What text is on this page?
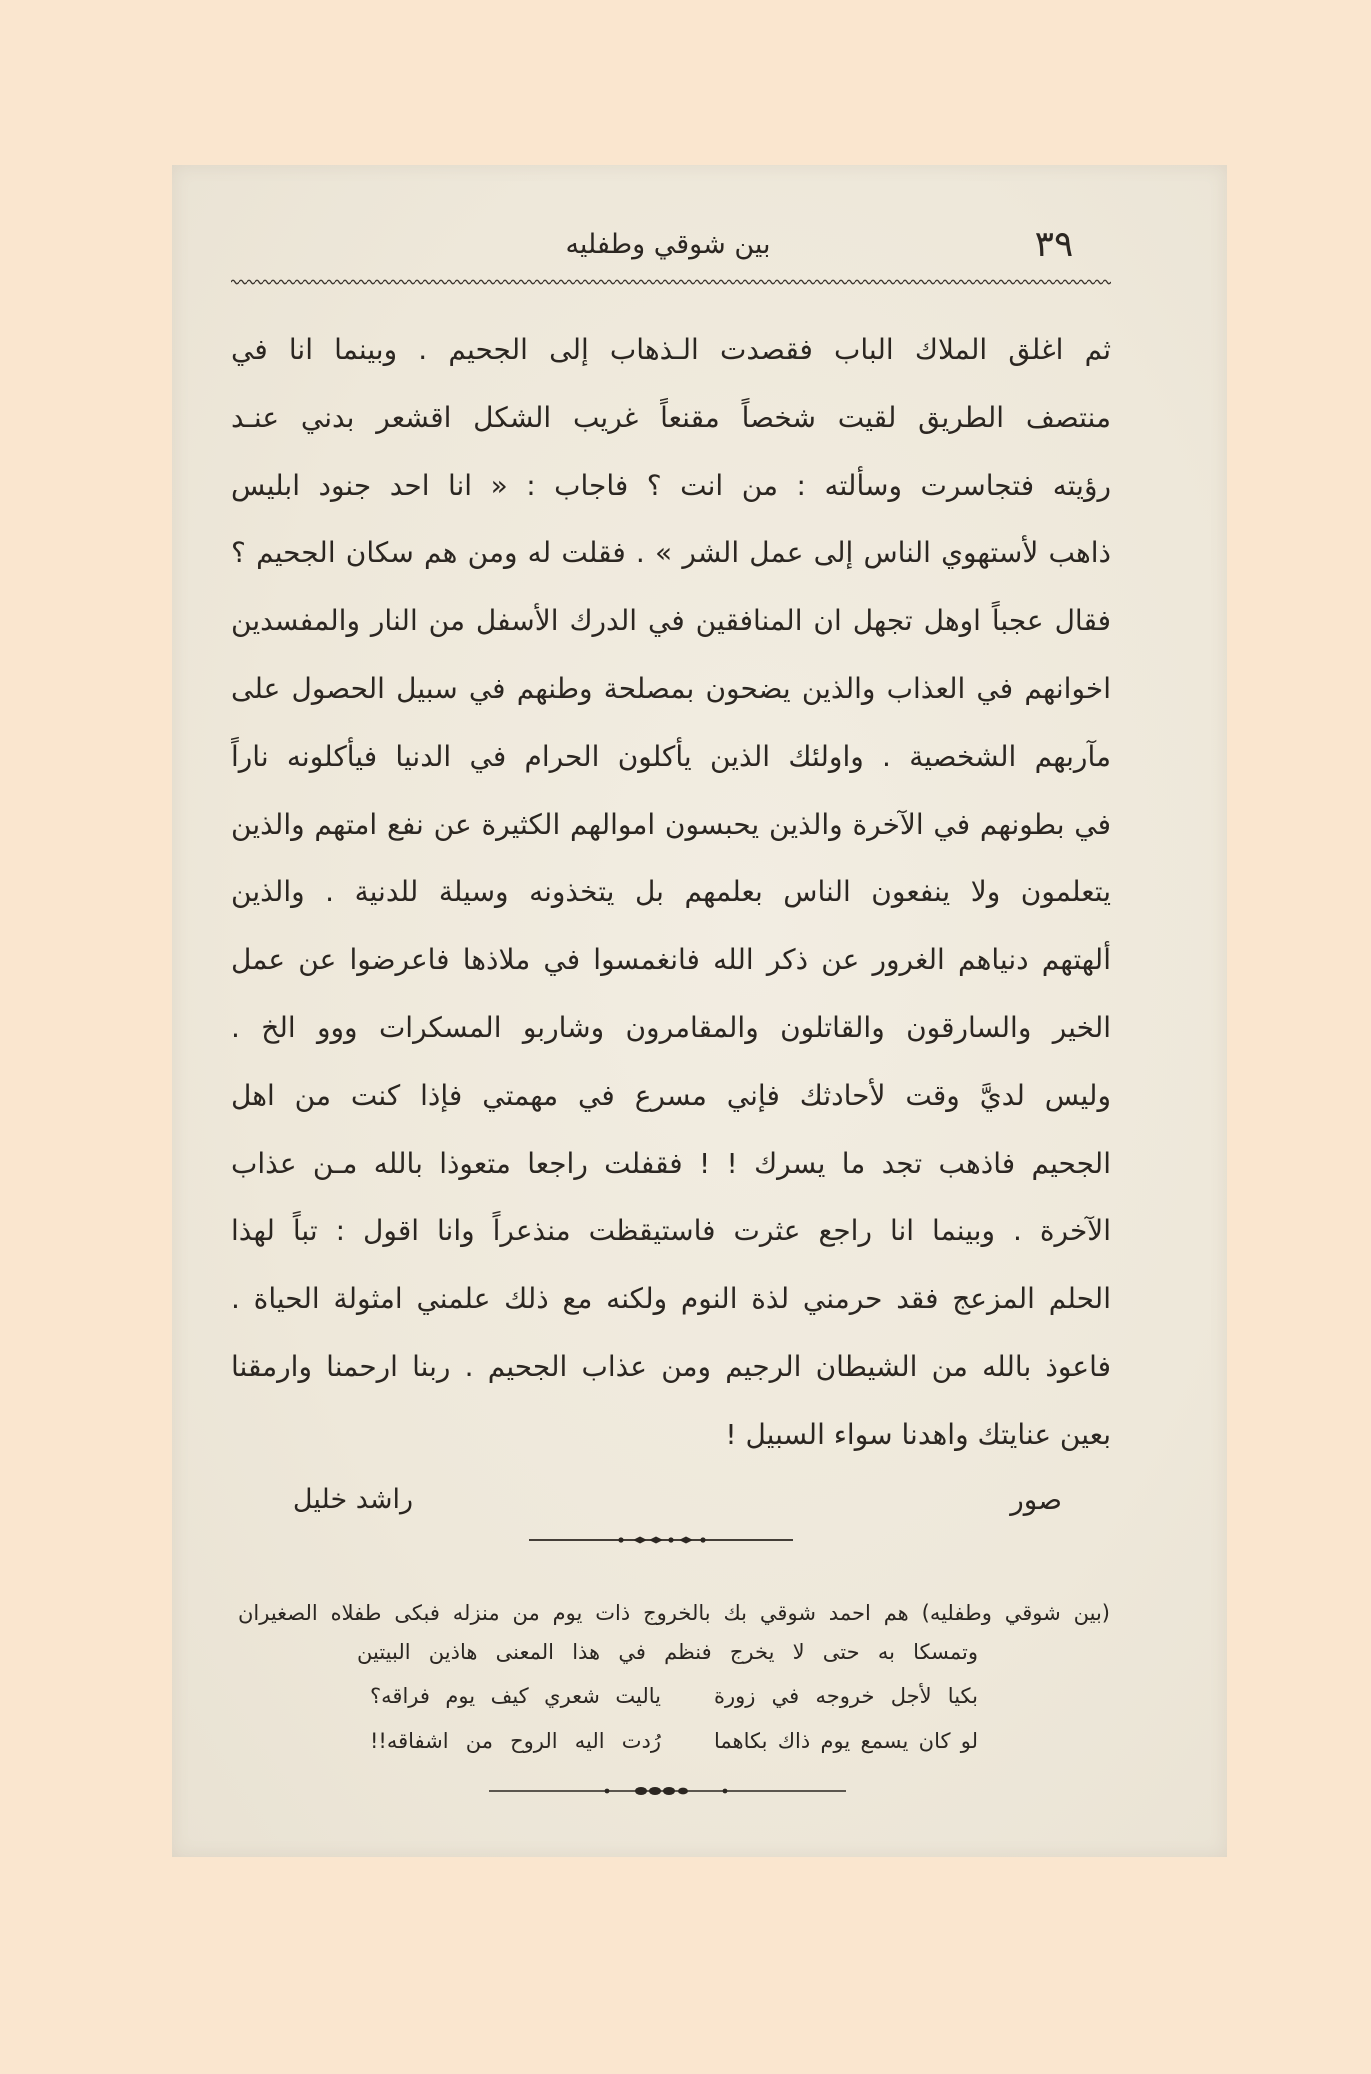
٣٩
بين شوقي وطفليه
ثم اغلق الملاك الباب فقصدت الـذهاب إلى الجحيم . وبينما انا في
منتصف الطريق لقيت شخصاً مقنعاً غريب الشكل اقشعر بدني عنـد
رؤيته فتجاسرت وسألته : من انت ؟ فاجاب : « انا احد جنود ابليس
ذاهب لأستهوي الناس إلى عمل الشر » . فقلت له ومن هم سكان الجحيم ؟
فقال عجباً اوهل تجهل ان المنافقين في الدرك الأسفل من النار والمفسدين
اخوانهم في العذاب والذين يضحون بمصلحة وطنهم في سبيل الحصول على
مآربهم الشخصية . واولئك الذين يأكلون الحرام في الدنيا فيأكلونه ناراً
في بطونهم في الآخرة والذين يحبسون اموالهم الكثيرة عن نفع امتهم والذين
يتعلمون ولا ينفعون الناس بعلمهم بل يتخذونه وسيلة للدنية . والذين
ألهتهم دنياهم الغرور عن ذكر الله فانغمسوا في ملاذها فاعرضوا عن عمل
الخير والسارقون والقاتلون والمقامرون وشاربو المسكرات ووو الخ .
وليس لديَّ وقت لأحادثك فإني مسرع في مهمتي فإذا كنت من اهل
الجحيم فاذهب تجد ما يسرك ! ! فقفلت راجعا متعوذا بالله مـن عذاب
الآخرة . وبينما انا راجع عثرت فاستيقظت منذعراً وانا اقول : تباً لهذا
الحلم المزعج فقد حرمني لذة النوم ولكنه مع ذلك علمني امثولة الحياة .
فاعوذ بالله من الشيطان الرجيم ومن عذاب الجحيم . ربنا ارحمنا وارمقنا
بعين عنايتك واهدنا سواء السبيل !
صور
راشد خليل
(بين شوقي وطفليه) هم احمد شوقي بك بالخروج ذات يوم من منزله فبكى طفلاه الصغيران
وتمسكا به حتى لا يخرج فنظم في هذا المعنى هاذين البيتين
بكيا لأجل خروجه في زورة
ياليت شعري كيف يوم فراقه؟
لو كان يسمع يوم ذاك بكاهما
رُدت اليه الروح من اشفاقه!!
